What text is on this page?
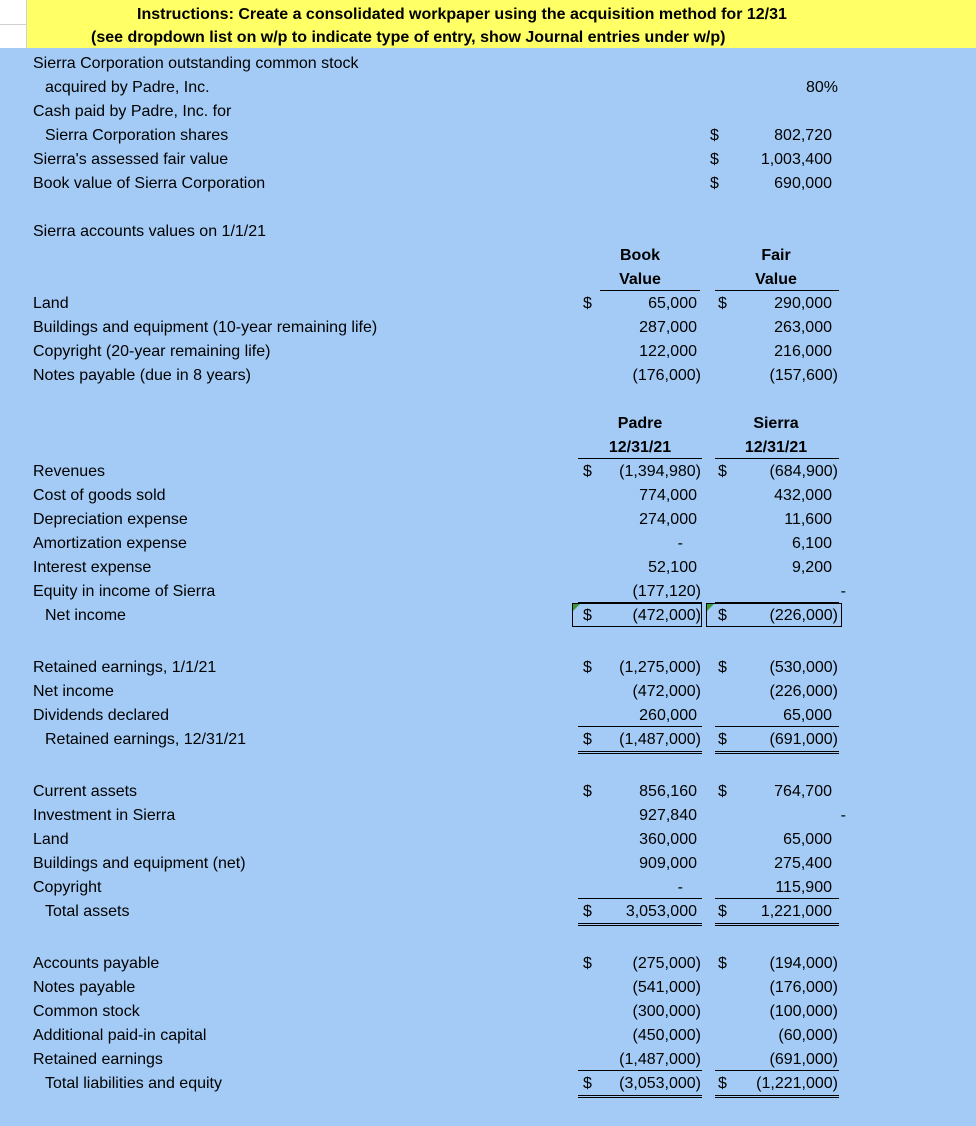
Instructions: Create a consolidated workpaper using the acquisition method for 12/31
(see dropdown list on w/p to indicate type of entry, show Journal entries under w/p)
Sierra Corporation outstanding common stock
acquired by Padre, Inc.	80%
Cash paid by Padre, Inc. for
Sierra Corporation shares	$	802,720
Sierra's assessed fair value	$	1,003,400
Book value of Sierra Corporation	$	690,000
Sierra accounts values on 1/1/21
Book
Value
Fair
Value
Land	$	65,000 $	290,000
Buildings and equipment (10-year remaining life)	287,000	263,000
Copyright (20-year remaining life)	122,000	216,000
Notes payable (due in 8 years)	(176,000)	(157,600)
Padre
12/31/21
Sierra
12/31/21
Revenues	$	(1,394,980) $	(684,900)
Cost of goods sold	774,000	432,000
Depreciation expense	274,000	11,600
Amortization expense	-	6,100
Interest expense	52,100	9,200
Equity in income of Sierra	(177,120)	-
Net income	$	(472,000) $	(226,000)
Retained earnings, 1/1/21	$	(1,275,000) $	(530,000)
Net income	(472,000)	(226,000)
Dividends declared	260,000	65,000
Retained earnings, 12/31/21	$	(1,487,000) $	(691,000)
Current assets	$	856,160 $	764,700
Investment in Sierra	927,840	-
Land	360,000	65,000
Buildings and equipment (net)	909,000	275,400
Copyright	-	115,900
Total assets	$	3,053,000 $	1,221,000
Accounts payable	$	(275,000) $	(194,000)
Notes payable	(541,000)	(176,000)
Common stock	(300,000)	(100,000)
Additional paid-in capital	(450,000)	(60,000)
Retained earnings	(1,487,000)	(691,000)
Total liabilities and equity	$	(3,053,000) $	(1,221,000)
